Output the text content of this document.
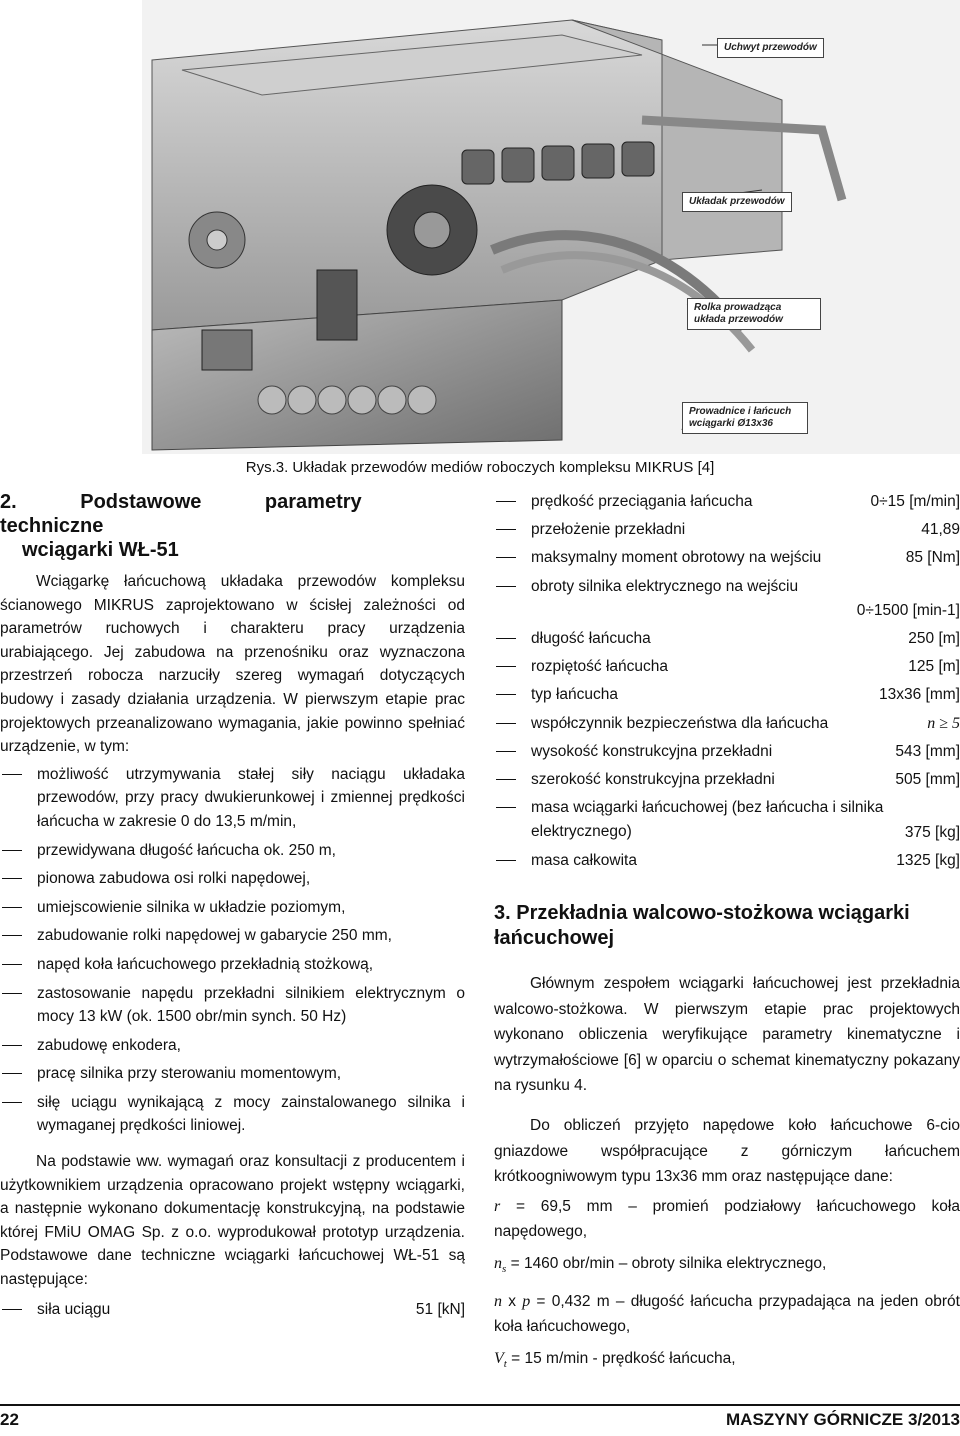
Uchwyt przewodów
Układak przewodów
Rolka prowadząca układa przewodów
Prowadnice i łańcuch wciągarki Ø13x36
Rys.3. Układak przewodów mediów roboczych kompleksu MIKRUS [4]
2. Podstawowe parametry techniczne
wciągarki WŁ-51

Wciągarkę łańcuchową układaka przewodów kompleksu ścianowego MIKRUS zaprojektowano w ścisłej zależności od parametrów ruchowych i charakteru pracy urządzenia urabiającego. Jej zabudowa na przenośniku oraz wyznaczona przestrzeń robocza narzuciły szereg wymagań dotyczących budowy i zasady działania urządzenia. W pierwszym etapie prac projektowych przeanalizowano wymagania, jakie powinno spełniać urządzenie, w tym:

możliwość utrzymywania stałej siły naciągu układaka przewodów, przy pracy dwukierunkowej i zmiennej prędkości łańcucha w zakresie 0 do 13,5 m/min,
przewidywana długość łańcucha ok. 250 m,
pionowa zabudowa osi rolki napędowej,
umiejscowienie silnika w układzie poziomym,
zabudowanie rolki napędowej w gabarycie 250 mm,
napęd koła łańcuchowego przekładnią stożkową,
zastosowanie napędu przekładni silnikiem elektrycznym o mocy 13 kW (ok. 1500 obr/min synch. 50 Hz)
zabudowę enkodera,
pracę silnika przy sterowaniu momentowym,
siłę uciągu wynikającą z mocy zainstalowanego silnika i wymaganej prędkości liniowej.

Na podstawie ww. wymagań oraz konsultacji z producentem i użytkownikiem urządzenia opracowano projekt wstępny wciągarki, a następnie wykonano dokumentację konstrukcyjną, na podstawie której FMiU OMAG Sp. z o.o. wyprodukował prototyp urządzenia. Podstawowe dane techniczne wciągarki łańcuchowej WŁ-51 są następujące:

siła uciągu	51 [kN]
prędkość przeciągania łańcucha	0÷15 [m/min]
przełożenie przekładni	41,89
maksymalny moment obrotowy na wejściu	85 [Nm]
obroty silnika elektrycznego na wejściu
0÷1500 [min-1]
długość łańcucha	250 [m]
rozpiętość łańcucha	125 [m]
typ łańcucha	13x36 [mm]
współczynnik bezpieczeństwa dla łańcucha	n ≥ 5
wysokość konstrukcyjna przekładni	543 [mm]
szerokość konstrukcyjna przekładni	505 [mm]
masa wciągarki łańcuchowej (bez łańcucha i silnika elektrycznego)	375 [kg]
masa całkowita	1325 [kg]
3. Przekładnia walcowo-stożkowa wciągarki łańcuchowej

Głównym zespołem wciągarki łańcuchowej jest przekładnia walcowo-stożkowa. W pierwszym etapie prac projektowych wykonano obliczenia weryfikujące parametry kinematyczne i wytrzymałościowe [6] w oparciu o schemat kinematyczny pokazany na rysunku 4.

Do obliczeń przyjęto napędowe koło łańcuchowe 6-cio gniazdowe współpracujące z górniczym łańcuchem krótkoogniwowym typu 13x36 mm oraz następujące dane:

r = 69,5 mm – promień podziałowy łańcuchowego koła napędowego,

$n_s = 1460$ obr/min – obroty silnika elektrycznego,

n x p = 0,432 m – długość łańcucha przypadająca na jeden obrót koła łańcuchowego,

$V_t = 15$ m/min - prędkość łańcucha,

22	MASZYNY GÓRNICZE 3/2013
